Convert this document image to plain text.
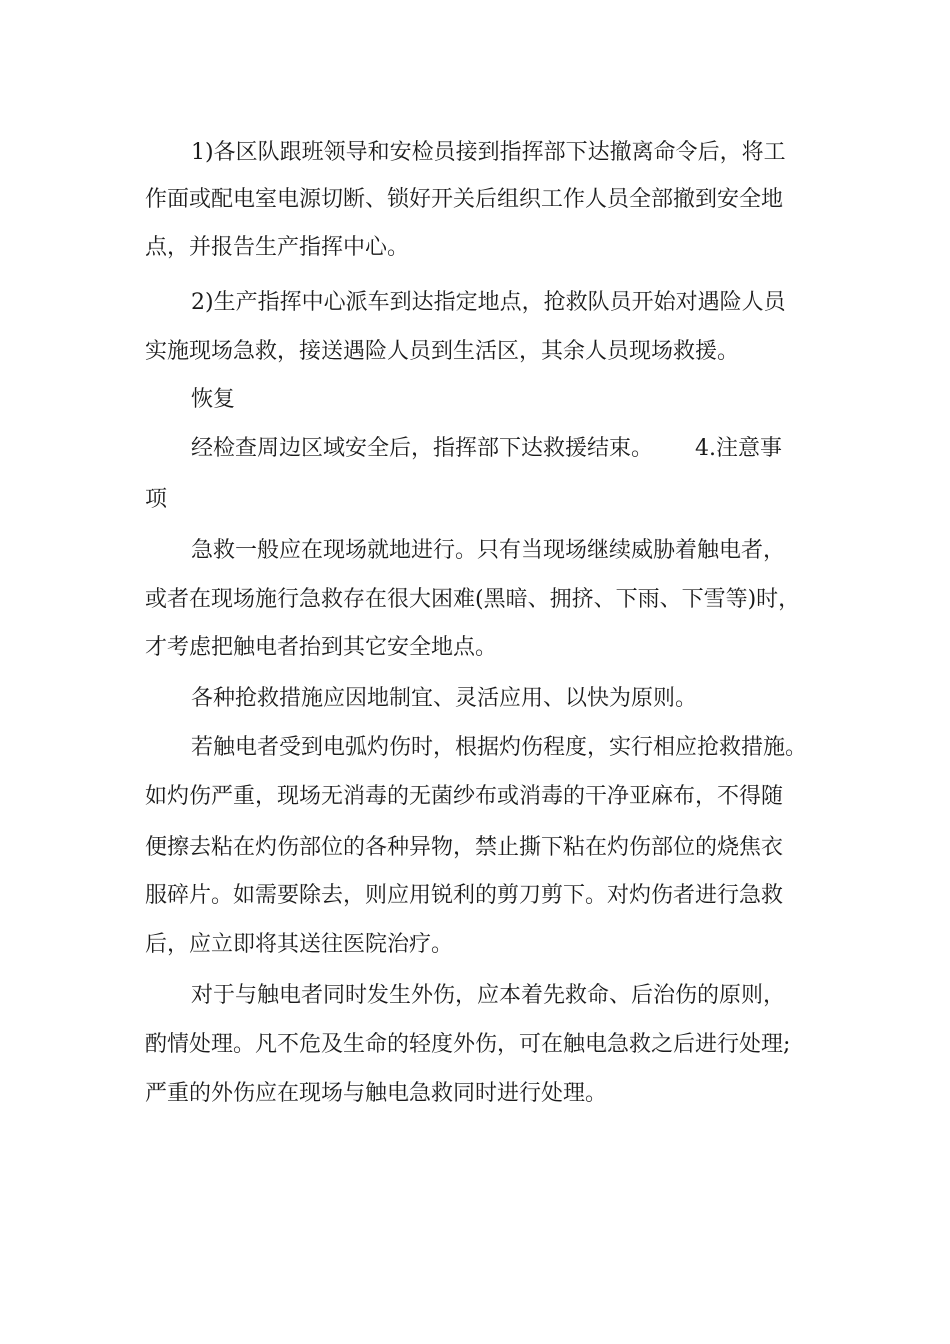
1)各区队跟班领导和安检员接到指挥部下达撤离命令后，将工

作面或配电室电源切断、锁好开关后组织工作人员全部撤到安全地

点，并报告生产指挥中心。

2)生产指挥中心派车到达指定地点，抢救队员开始对遇险人员

实施现场急救，接送遇险人员到生活区，其余人员现场救援。

恢复

经检查周边区域安全后，指挥部下达救援结束。      4.注意事

项

急救一般应在现场就地进行。只有当现场继续威胁着触电者，

或者在现场施行急救存在很大困难(黑暗、拥挤、下雨、下雪等)时，

才考虑把触电者抬到其它安全地点。

各种抢救措施应因地制宜、灵活应用、以快为原则。

若触电者受到电弧灼伤时，根据灼伤程度，实行相应抢救措施。

如灼伤严重，现场无消毒的无菌纱布或消毒的干净亚麻布，不得随

便擦去粘在灼伤部位的各种异物，禁止撕下粘在灼伤部位的烧焦衣

服碎片。如需要除去，则应用锐利的剪刀剪下。对灼伤者进行急救

后，应立即将其送往医院治疗。

对于与触电者同时发生外伤，应本着先救命、后治伤的原则，

酌情处理。凡不危及生命的轻度外伤，可在触电急救之后进行处理;

严重的外伤应在现场与触电急救同时进行处理。
